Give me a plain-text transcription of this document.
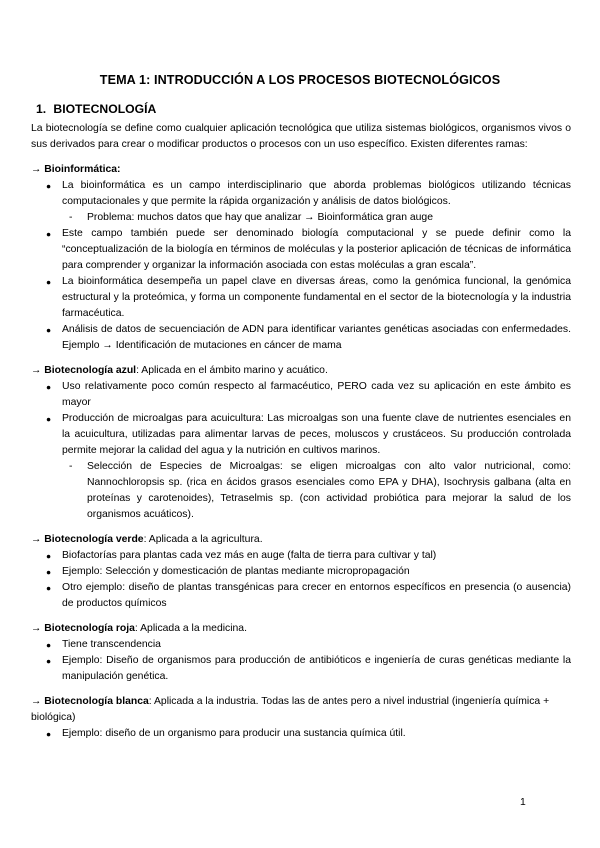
TEMA 1: INTRODUCCIÓN A LOS PROCESOS BIOTECNOLÓGICOS
1. BIOTECNOLOGÍA

La biotecnología se define como cualquier aplicación tecnológica que utiliza sistemas biológicos, organismos vivos o sus derivados para crear o modificar productos o procesos con un uso específico. Existen diferentes ramas:

→ Bioinformática:

● La bioinformática es un campo interdisciplinario que aborda problemas biológicos utilizando técnicas computacionales y que permite la rápida organización y análisis de datos biológicos.
- Problema: muchos datos que hay que analizar → Bioinformática gran auge
● Este campo también puede ser denominado biología computacional y se puede definir como la “conceptualización de la biología en términos de moléculas y la posterior aplicación de técnicas de informática para comprender y organizar la información asociada con estas moléculas a gran escala”.
● La bioinformática desempeña un papel clave en diversas áreas, como la genómica funcional, la genómica estructural y la proteómica, y forma un componente fundamental en el sector de la biotecnología y la industria farmacéutica.
● Análisis de datos de secuenciación de ADN para identificar variantes genéticas asociadas con enfermedades. Ejemplo → Identificación de mutaciones en cáncer de mama

→ Biotecnología azul: Aplicada en el ámbito marino y acuático.

● Uso relativamente poco común respecto al farmacéutico, PERO cada vez su aplicación en este ámbito es mayor
● Producción de microalgas para acuicultura: Las microalgas son una fuente clave de nutrientes esenciales en la acuicultura, utilizadas para alimentar larvas de peces, moluscos y crustáceos. Su producción controlada permite mejorar la calidad del agua y la nutrición en cultivos marinos.
- Selección de Especies de Microalgas: se eligen microalgas con alto valor nutricional, como: Nannochloropsis sp. (rica en ácidos grasos esenciales como EPA y DHA), Isochrysis galbana (alta en proteínas y carotenoides), Tetraselmis sp. (con actividad probiótica para mejorar la salud de los organismos acuáticos).

→ Biotecnología verde: Aplicada a la agricultura.

● Biofactorías para plantas cada vez más en auge (falta de tierra para cultivar y tal)
● Ejemplo: Selección y domesticación de plantas mediante micropropagación
● Otro ejemplo: diseño de plantas transgénicas para crecer en entornos específicos en presencia (o ausencia) de productos químicos

→ Biotecnología roja: Aplicada a la medicina.

● Tiene transcendencia
● Ejemplo: Diseño de organismos para producción de antibióticos e ingeniería de curas genéticas mediante la manipulación genética.

→ Biotecnología blanca: Aplicada a la industria. Todas las de antes pero a nivel industrial (ingeniería química + biológica)

● Ejemplo: diseño de un organismo para producir una sustancia química útil.
1
